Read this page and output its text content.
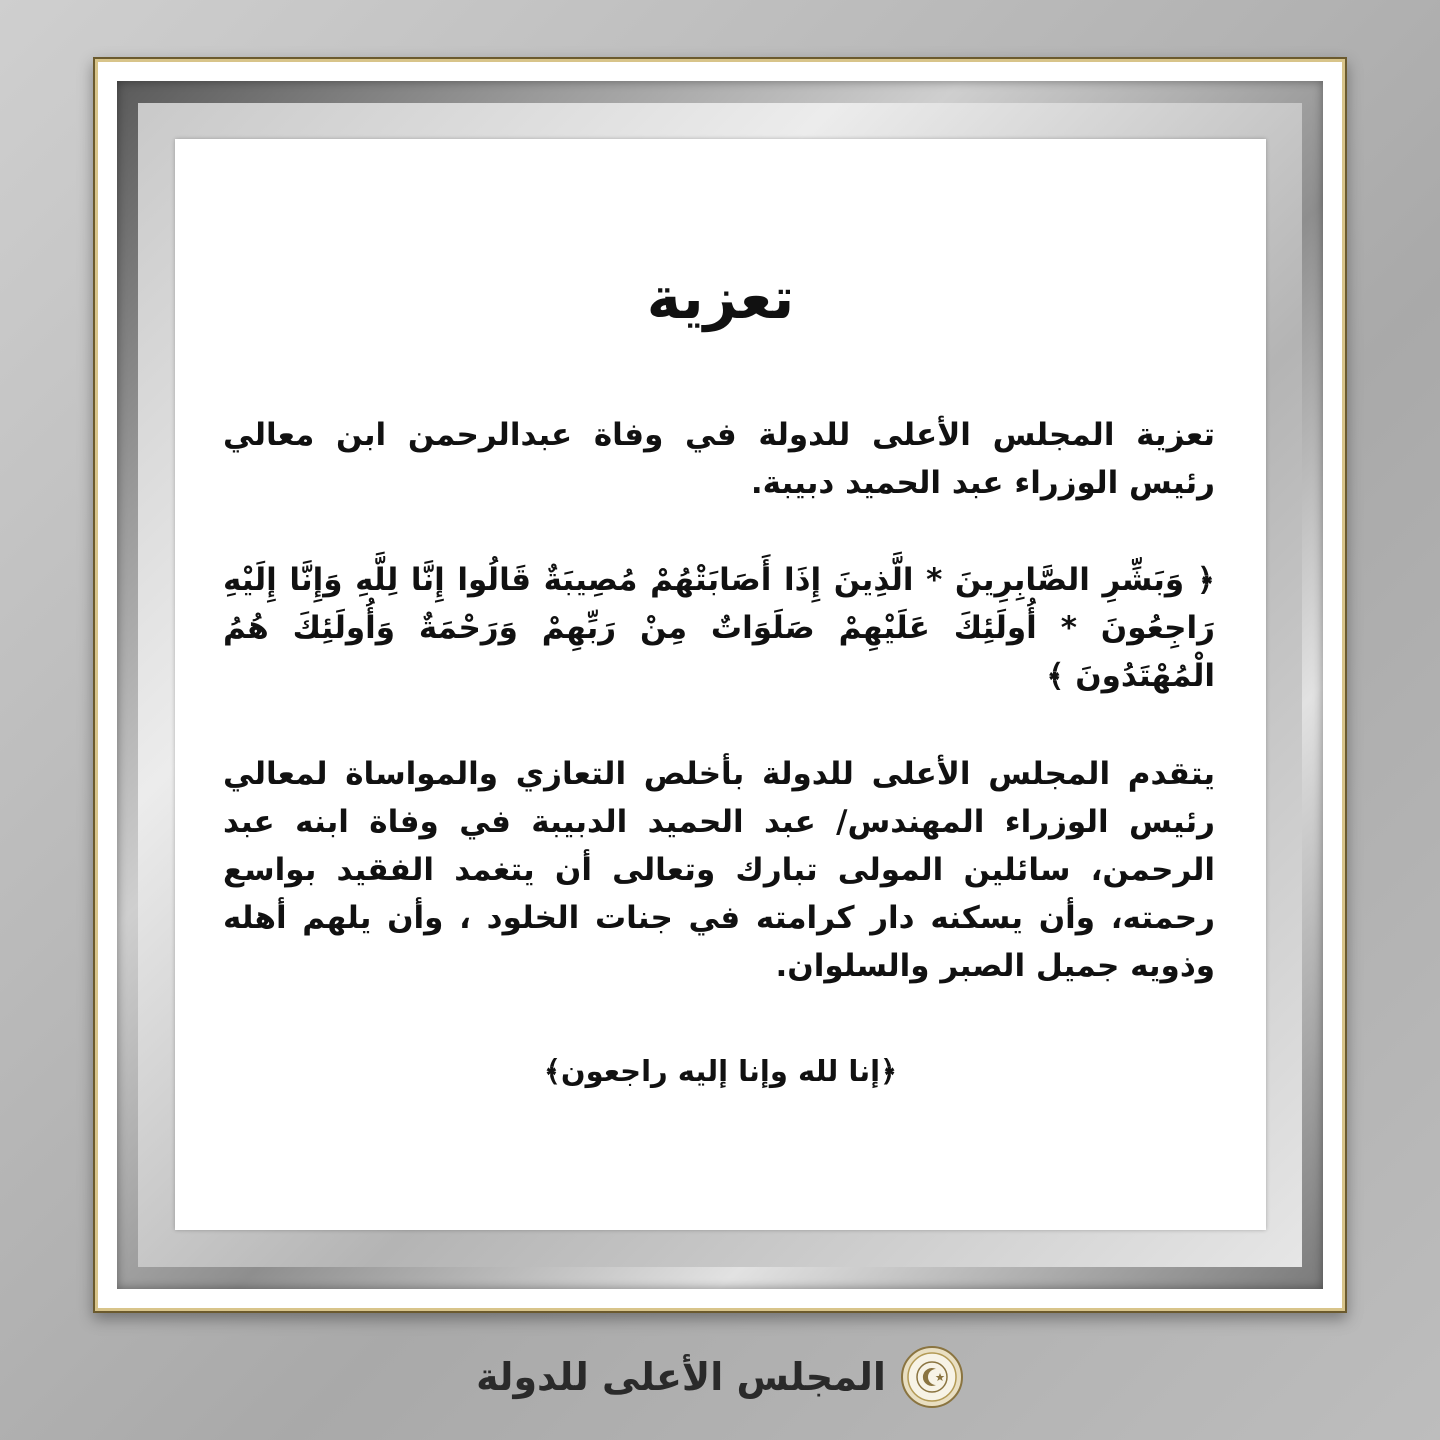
تعزية

تعزية المجلس الأعلى للدولة في وفاة عبدالرحمن ابن معالي رئيس الوزراء عبد الحميد دبيبة.

﴿ وَبَشِّرِ الصَّابِرِينَ * الَّذِينَ إِذَا أَصَابَتْهُمْ مُصِيبَةٌ قَالُوا إِنَّا لِلَّهِ وَإِنَّا إِلَيْهِ رَاجِعُونَ * أُولَئِكَ عَلَيْهِمْ صَلَوَاتٌ مِنْ رَبِّهِمْ وَرَحْمَةٌ وَأُولَئِكَ هُمُ الْمُهْتَدُونَ ﴾

يتقدم المجلس الأعلى للدولة بأخلص التعازي والمواساة لمعالي رئيس الوزراء المهندس/ عبد الحميد الدبيبة في وفاة ابنه عبد الرحمن، سائلين المولى تبارك وتعالى أن يتغمد الفقيد بواسع رحمته، وأن يسكنه دار كرامته في جنات الخلود ، وأن يلهم أهله وذويه جميل الصبر والسلوان.

﴿إنا لله وإنا إليه راجعون﴾

المجلس الأعلى للدولة
